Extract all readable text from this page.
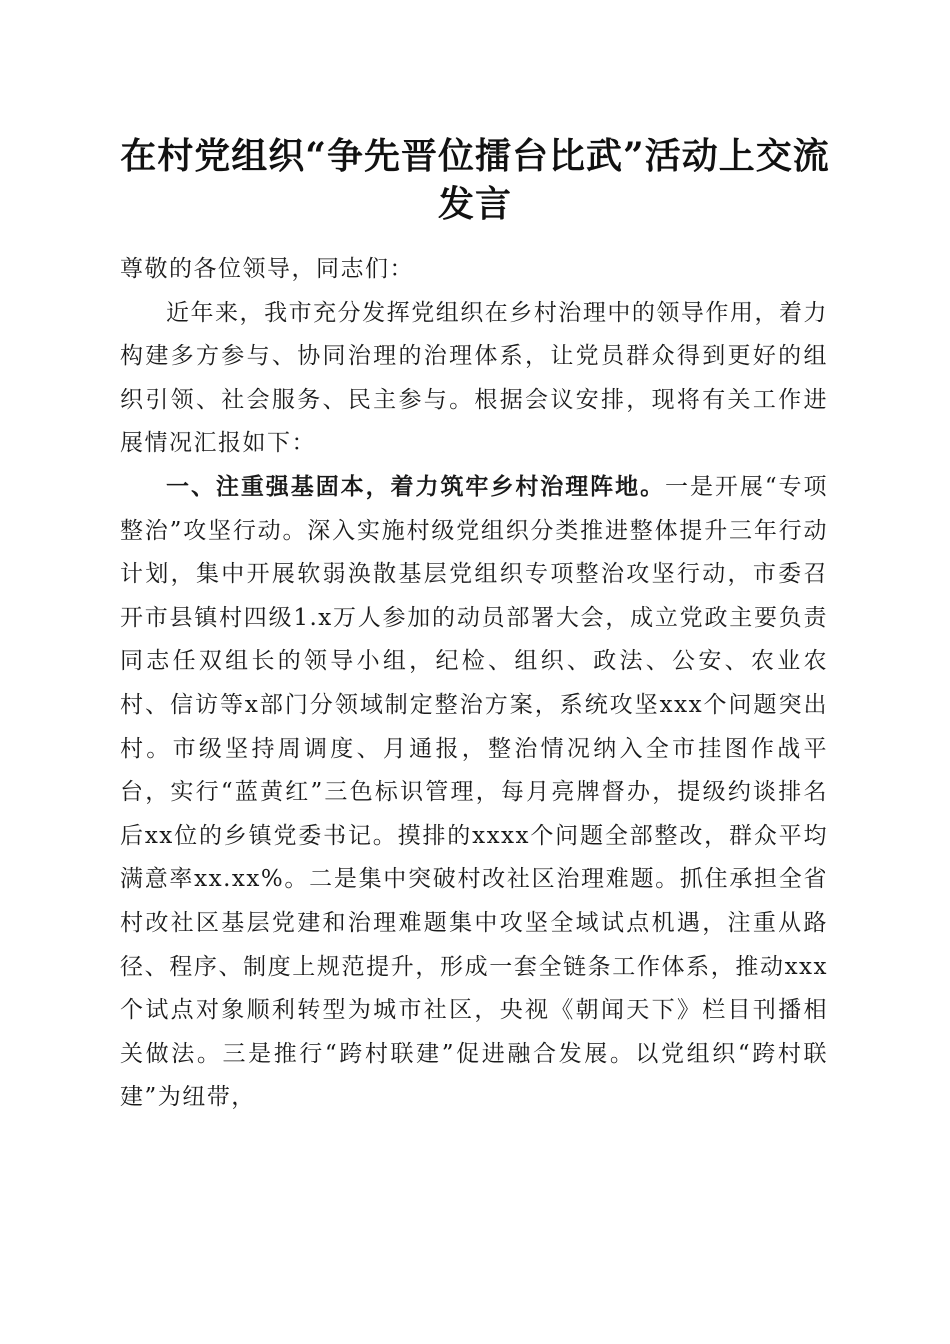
在村党组织“争先晋位擂台比武”活动上交流
发言

尊敬的各位领导，同志们：

近年来，我市充分发挥党组织在乡村治理中的领导作用，着力构建多方参与、协同治理的治理体系，让党员群众得到更好的组织引领、社会服务、民主参与。根据会议安排，现将有关工作进展情况汇报如下：

一、注重强基固本，着力筑牢乡村治理阵地。一是开展“专项整治”攻坚行动。深入实施村级党组织分类推进整体提升三年行动计划，集中开展软弱涣散基层党组织专项整治攻坚行动，市委召开市县镇村四级1.x万人参加的动员部署大会，成立党政主要负责同志任双组长的领导小组，纪检、组织、政法、公安、农业农村、信访等x部门分领域制定整治方案，系统攻坚xxx个问题突出村。市级坚持周调度、月通报，整治情况纳入全市挂图作战平台，实行“蓝黄红”三色标识管理，每月亮牌督办，提级约谈排名后xx位的乡镇党委书记。摸排的xxxx个问题全部整改，群众平均满意率xx.xx%。二是集中突破村改社区治理难题。抓住承担全省村改社区基层党建和治理难题集中攻坚全域试点机遇，注重从路径、程序、制度上规范提升，形成一套全链条工作体系，推动xxx个试点对象顺利转型为城市社区，央视《朝闻天下》栏目刊播相关做法。三是推行“跨村联建”促进融合发展。以党组织“跨村联建”为纽带，
